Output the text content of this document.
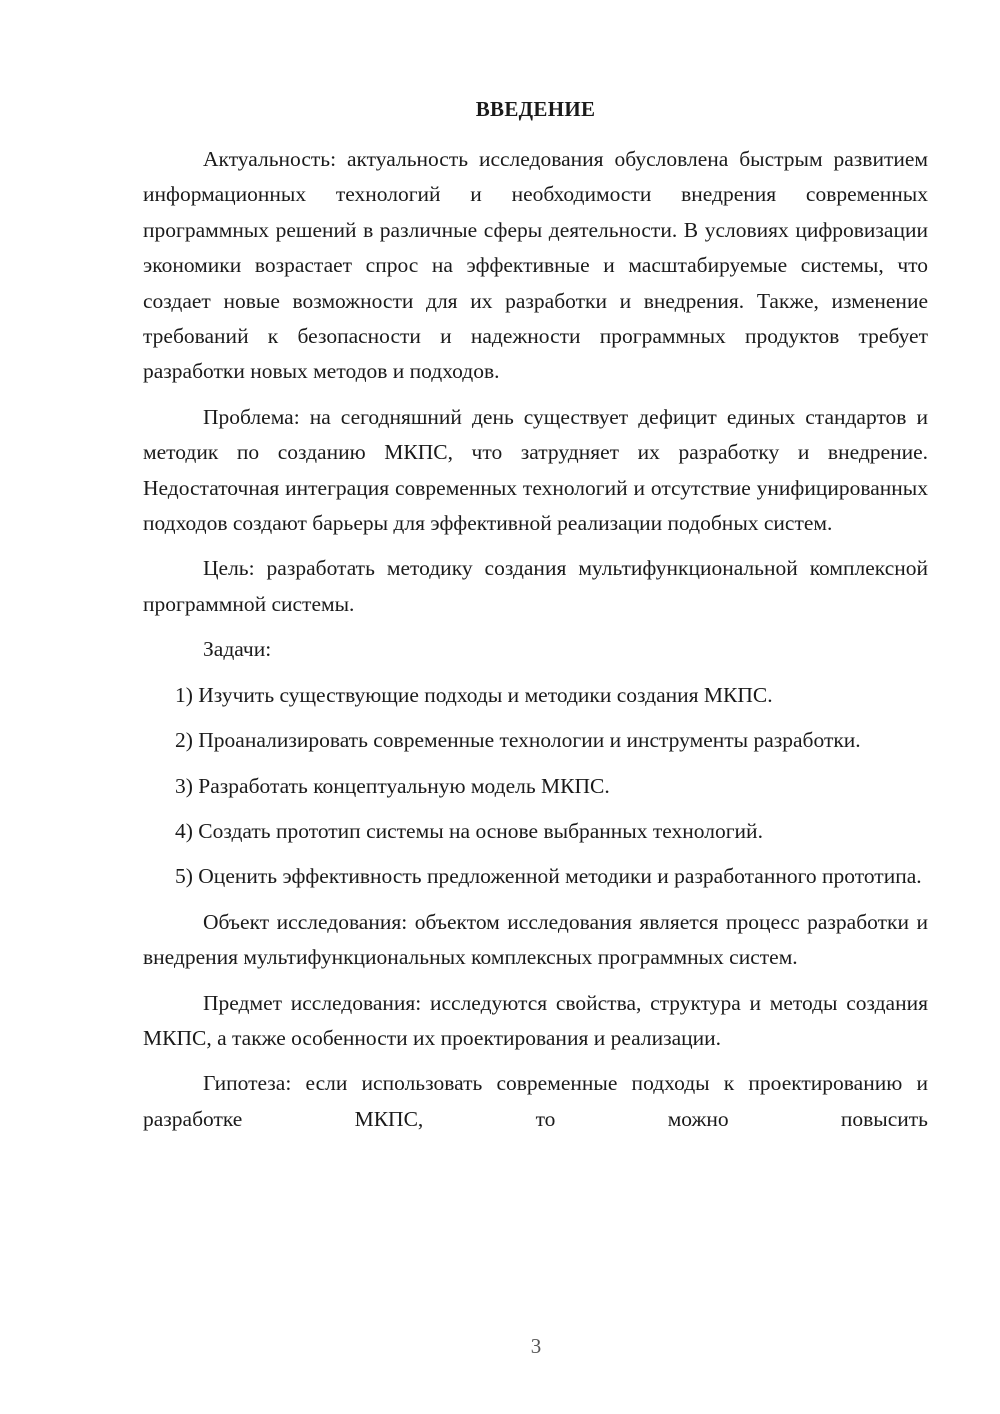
ВВЕДЕНИЕ

Актуальность: актуальность исследования обусловлена быстрым развитием информационных технологий и необходимости внедрения современных программных решений в различные сферы деятельности. В условиях цифровизации экономики возрастает спрос на эффективные и масштабируемые системы, что создает новые возможности для их разработки и внедрения. Также, изменение требований к безопасности и надежности программных продуктов требует разработки новых методов и подходов.

Проблема: на сегодняшний день существует дефицит единых стандартов и методик по созданию МКПС, что затрудняет их разработку и внедрение. Недостаточная интеграция современных технологий и отсутствие унифицированных подходов создают барьеры для эффективной реализации подобных систем.

Цель: разработать методику создания мультифункциональной комплексной программной системы.

Задачи:

1) Изучить существующие подходы и методики создания МКПС.

2) Проанализировать современные технологии и инструменты разработки.

3) Разработать концептуальную модель МКПС.

4) Создать прототип системы на основе выбранных технологий.

5) Оценить эффективность предложенной методики и разработанного прототипа.

Объект исследования: объектом исследования является процесс разработки и внедрения мультифункциональных комплексных программных систем.

Предмет исследования: исследуются свойства, структура и методы создания МКПС, а также особенности их проектирования и реализации.

Гипотеза: если использовать современные подходы к проектированию и разработке МКПС, то можно повысить

3
